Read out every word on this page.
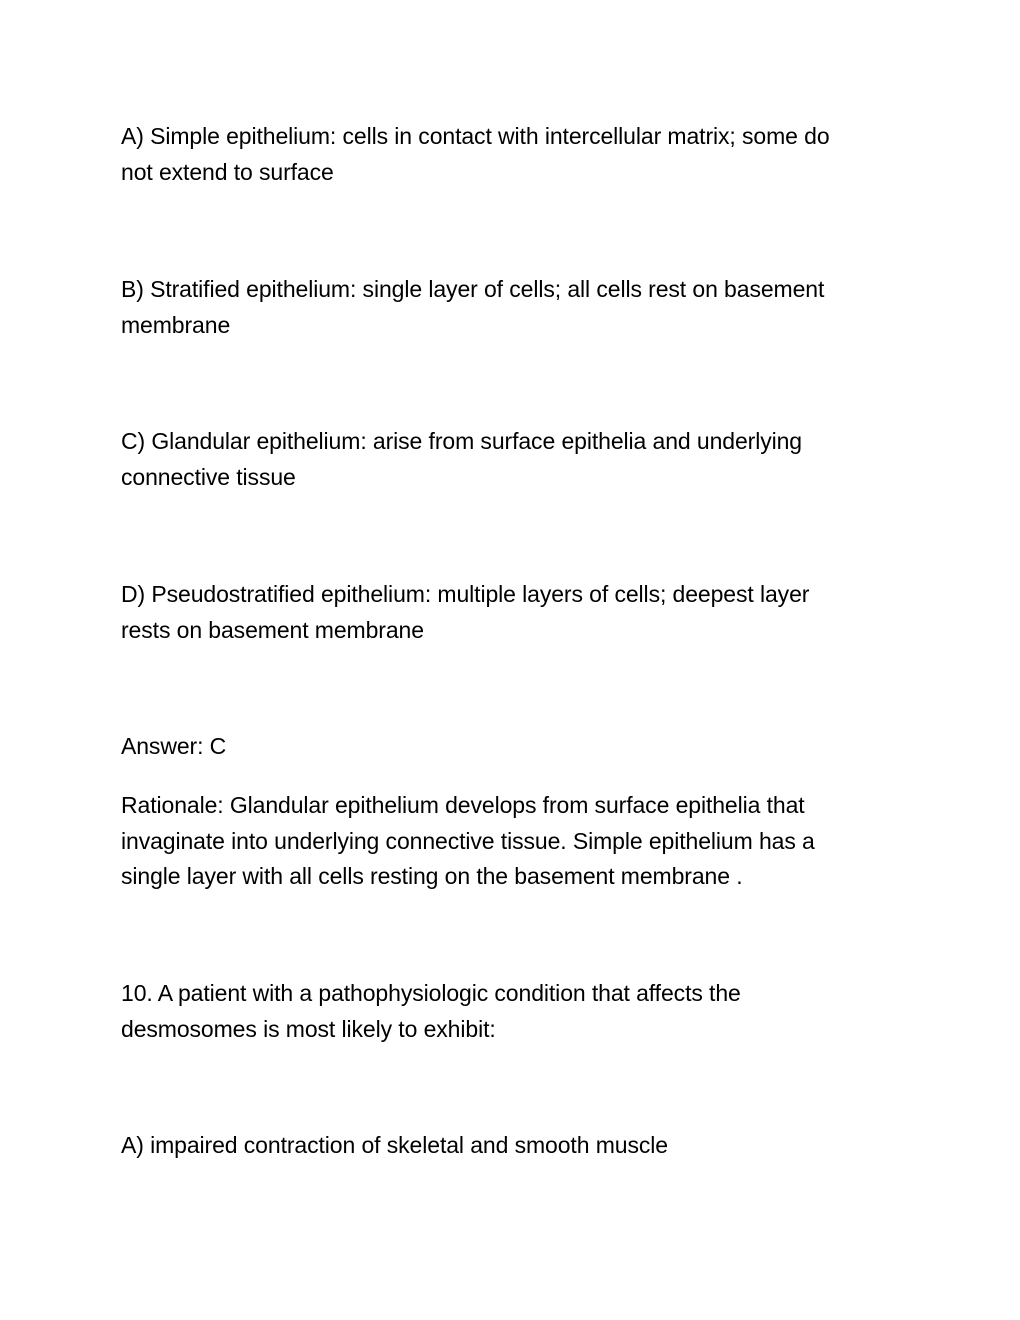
A) Simple epithelium: cells in contact with intercellular matrix; some do
not extend to surface

B) Stratified epithelium: single layer of cells; all cells rest on basement
membrane

C) Glandular epithelium: arise from surface epithelia and underlying
connective tissue

D) Pseudostratified epithelium: multiple layers of cells; deepest layer
rests on basement membrane

Answer: C

Rationale: Glandular epithelium develops from surface epithelia that
invaginate into underlying connective tissue. Simple epithelium has a
single layer with all cells resting on the basement membrane .

10. A patient with a pathophysiologic condition that affects the
desmosomes is most likely to exhibit:

A) impaired contraction of skeletal and smooth muscle
